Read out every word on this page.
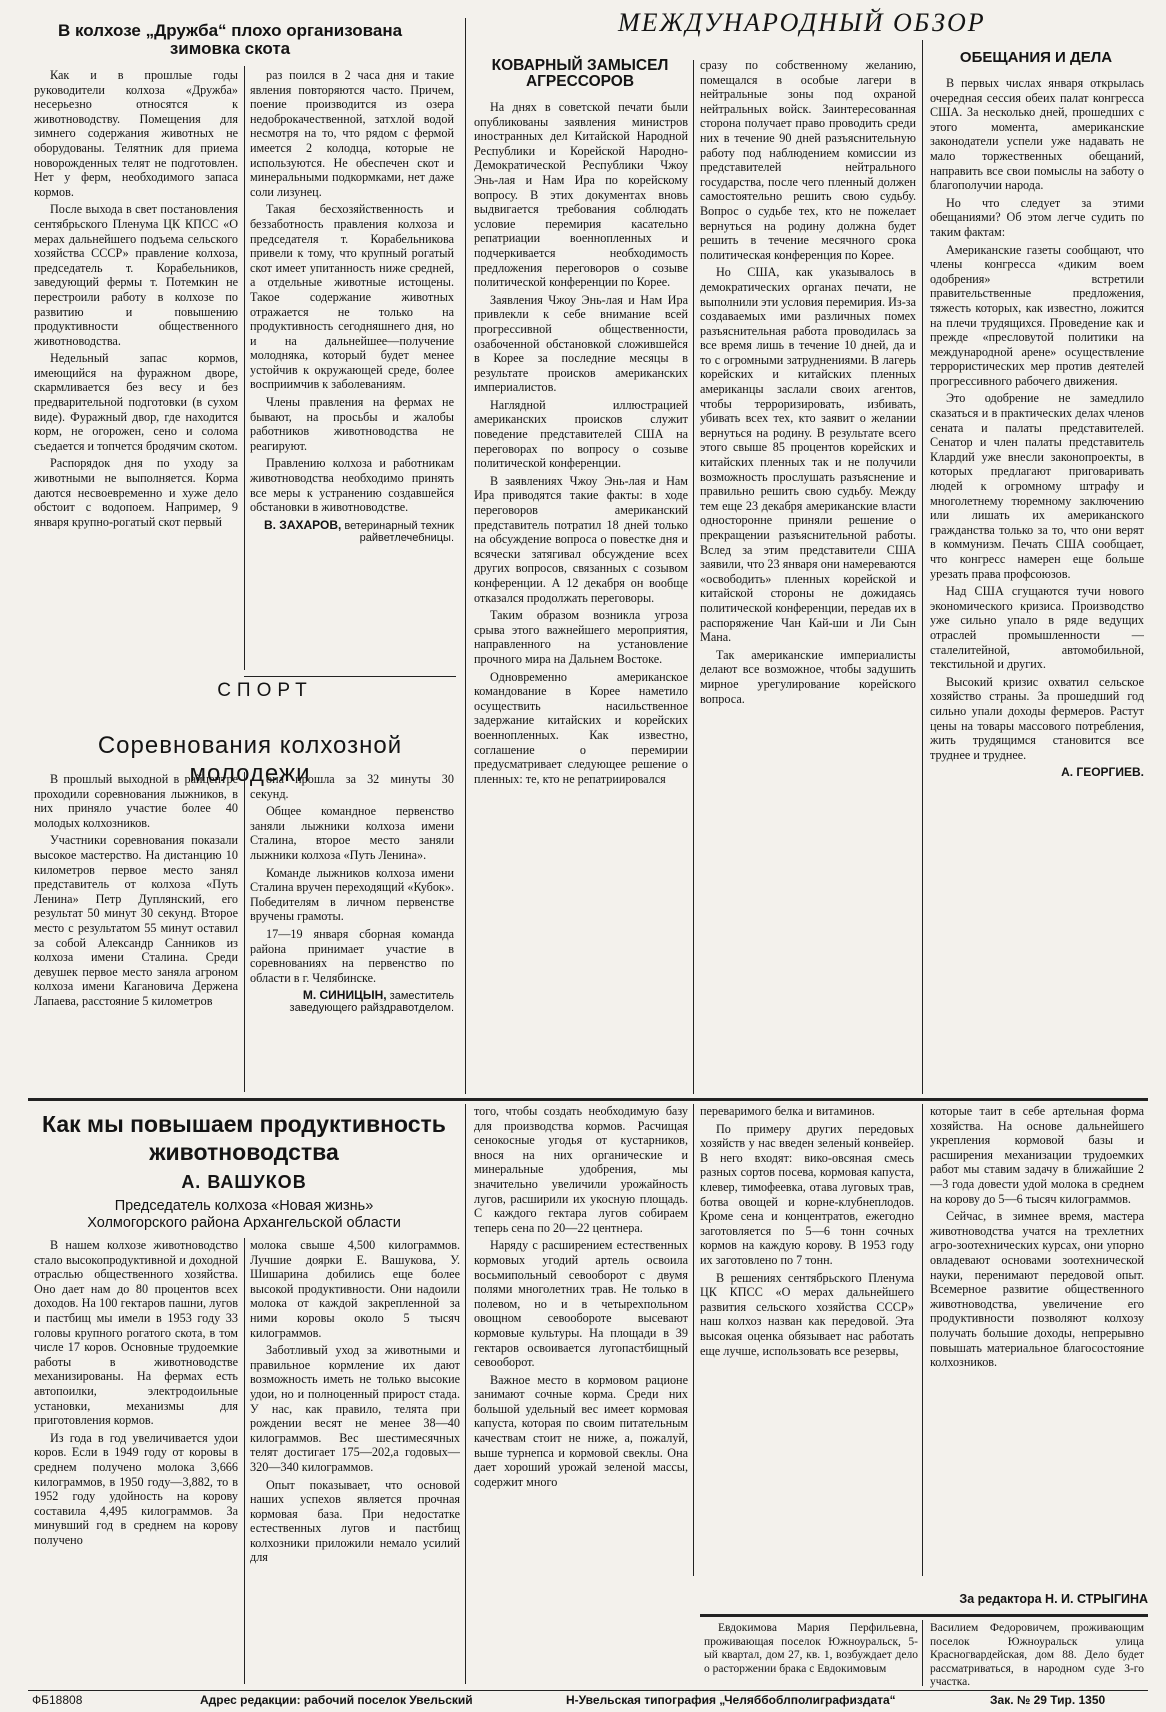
В колхозе „Дружба“ плохо организована зимовка скота

Как и в прошлые годы руководители колхоза «Дружба» несерьезно относятся к животноводству. Помещения для зимнего содержания животных не оборудованы. Телятник для приема новорожденных телят не подготовлен. Нет у ферм, необходимого запаса кормов.

После выхода в свет постановления сентябрьского Пленума ЦК КПСС «О мерах дальнейшего подъема сельского хозяйства СССР» правление колхоза, председатель т. Корабельников, заведующий фермы т. Потемкин не перестроили работу в колхозе по развитию и повышению продуктивности общественного животноводства.

Недельный запас кормов, имеющийся на фуражном дворе, скармливается без весу и без предварительной подготовки (в сухом виде). Фуражный двор, где находится корм, не огорожен, сено и солома съедается и топчется бродячим скотом.

Распорядок дня по уходу за животными не выполняется. Корма даются несвоевременно и хуже дело обстоит с водопоем. Например, 9 января крупно-рогатый скот первый

раз поился в 2 часа дня и такие явления повторяются часто. Причем, поение производится из озера недоброкачественной, затхлой водой несмотря на то, что рядом с фермой имеется 2 колодца, которые не используются. Не обеспечен скот и минеральными подкормками, нет даже соли лизунец.

Такая бесхозяйственность и беззаботность правления колхоза и председателя т. Корабельникова привели к тому, что крупный рогатый скот имеет упитанность ниже средней, а отдельные животные истощены. Такое содержание животных отражается не только на продуктивность сегодняшнего дня, но и на дальнейшее—получение молодняка, который будет менее устойчив к окружающей среде, более восприимчив к заболеваниям.

Члены правления на фермах не бывают, на просьбы и жалобы работников животноводства не реагируют.

Правлению колхоза и работникам животноводства необходимо принять все меры к устранению создавшейся обстановки в животноводстве.

В. ЗАХАРОВ, ветеринарный техник райветлечебницы.

СПОРТ
Соревнования колхозной молодежи

В прошлый выходной в райцентре проходили соревнования лыжников, в них приняло участие более 40 молодых колхозников.

Участники соревнования показали высокое мастерство. На дистанцию 10 километров первое место занял представитель от колхоза «Путь Ленина» Петр Дуплянский, его результат 50 минут 30 секунд. Второе место с результатом 55 минут оставил за собой Александр Санников из колхоза имени Сталина. Среди девушек первое место заняла агроном колхоза имени Кагановича Держена Лапаева, расстояние 5 километров

она прошла за 32 минуты 30 секунд.

Общее командное первенство заняли лыжники колхоза имени Сталина, второе место заняли лыжники колхоза «Путь Ленина».

Команде лыжников колхоза имени Сталина вручен переходящий «Кубок». Победителям в личном первенстве вручены грамоты.

17—19 января сборная команда района принимает участие в соревнованиях на первенство по области в г. Челябинске.

М. СИНИЦЫН, заместитель заведующего райздравотделом.

МЕЖДУНАРОДНЫЙ ОБЗОР
КОВАРНЫЙ ЗАМЫСЕЛ АГРЕССОРОВ

На днях в советской печати были опубликованы заявления министров иностранных дел Китайской Народной Республики и Корейской Народно-Демократической Республики Чжоу Энь-лая и Нам Ира по корейскому вопросу. В этих документах вновь выдвигается требования соблюдать условие перемирия касательно репатриации военнопленных и подчеркивается необходимость предложения переговоров о созыве политической конференции по Корее.

Заявления Чжоу Энь-лая и Нам Ира привлекли к себе внимание всей прогрессивной общественности, озабоченной обстановкой сложившейся в Корее за последние месяцы в результате происков американских империалистов.

Наглядной иллюстрацией американских происков служит поведение представителей США на переговорах по вопросу о созыве политической конференции.

В заявлениях Чжоу Энь-лая и Нам Ира приводятся такие факты: в ходе переговоров американский представитель потратил 18 дней только на обсуждение вопроса о повестке дня и всячески затягивал обсуждение всех других вопросов, связанных с созывом конференции. А 12 декабря он вообще отказался продолжать переговоры.

Таким образом возникла угроза срыва этого важнейшего мероприятия, направленного на установление прочного мира на Дальнем Востоке.

Одновременно американское командование в Корее наметило осуществить насильственное задержание китайских и корейских военнопленных. Как известно, соглашение о перемирии предусматривает следующее решение о пленных: те, кто не репатриировался

сразу по собственному желанию, помещался в особые лагери в нейтральные зоны под охраной нейтральных войск. Заинтересованная сторона получает право проводить среди них в течение 90 дней разъяснительную работу под наблюдением комиссии из представителей нейтрального государства, после чего пленный должен самостоятельно решить свою судьбу. Вопрос о судьбе тех, кто не пожелает вернуться на родину должна будет решить в течение месячного срока политическая конференция по Корее.

Но США, как указывалось в демократических органах печати, не выполнили эти условия перемирия. Из-за создаваемых ими различных помех разъяснительная работа проводилась за все время лишь в течение 10 дней, да и то с огромными затруднениями. В лагерь корейских и китайских пленных американцы заслали своих агентов, чтобы терроризировать, избивать, убивать всех тех, кто заявит о желании вернуться на родину. В результате всего этого свыше 85 процентов корейских и китайских пленных так и не получили возможность прослушать разъяснение и правильно решить свою судьбу. Между тем еще 23 декабря американские власти односторонне приняли решение о прекращении разъяснительной работы. Вслед за этим представители США заявили, что 23 января они намереваются «освободить» пленных корейской и китайской стороны не дожидаясь политической конференции, передав их в распоряжение Чан Кай-ши и Ли Сын Мана.

Так американские империалисты делают все возможное, чтобы задушить мирное урегулирование корейского вопроса.

ОБЕЩАНИЯ И ДЕЛА

В первых числах января открылась очередная сессия обеих палат конгресса США. За несколько дней, прошедших с этого момента, американские законодатели успели уже надавать не мало торжественных обещаний, направить все свои помыслы на заботу о благополучии народа.

Но что следует за этими обещаниями? Об этом легче судить по таким фактам:

Американские газеты сообщают, что члены конгресса «диким воем одобрения» встретили правительственные предложения, тяжесть которых, как известно, ложится на плечи трудящихся. Проведение как и прежде «пресловутой политики на международной арене» осуществление террористических мер против деятелей прогрессивного рабочего движения.

Это одобрение не замедлило сказаться и в практических делах членов сената и палаты представителей. Сенатор и член палаты представитель Клардий уже внесли законопроекты, в которых предлагают приговаривать людей к огромному штрафу и многолетнему тюремному заключению или лишать их американского гражданства только за то, что они верят в коммунизм. Печать США сообщает, что конгресс намерен еще больше урезать права профсоюзов.

Над США сгущаются тучи нового экономического кризиса. Производство уже сильно упало в ряде ведущих отраслей промышленности —сталелитейной, автомобильной, текстильной и других.

Высокий кризис охватил сельское хозяйство страны. За прошедший год сильно упали доходы фермеров. Растут цены на товары массового потребления, жить трудящимся становится все труднее и труднее.

А. ГЕОРГИЕВ.

Как мы повышаем продуктивность животноводства
А. ВАШУКОВ
Председатель колхоза «Новая жизнь»
Холмогорского района Архангельской области

В нашем колхозе животноводство стало высокопродуктивной и доходной отраслью общественного хозяйства. Оно дает нам до 80 процентов всех доходов. На 100 гектаров пашни, лугов и пастбищ мы имели в 1953 году 33 головы крупного рогатого скота, в том числе 17 коров. Основные трудоемкие работы в животноводстве механизированы. На фермах есть автопоилки, электродоильные установки, механизмы для приготовления кормов.

Из года в год увеличивается удои коров. Если в 1949 году от коровы в среднем получено молока 3,666 килограммов, в 1950 году—3,882, то в 1952 году удойность на корову составила 4,495 килограммов. За минувший год в среднем на корову получено

молока свыше 4,500 килограммов. Лучшие доярки Е. Вашукова, У. Шишарина добились еще более высокой продуктивности. Они надоили молока от каждой закрепленной за ними коровы около 5 тысяч килограммов.

Заботливый уход за животными и правильное кормление их дают возможность иметь не только высокие удои, но и полноценный прирост стада. У нас, как правило, телята при рождении весят не менее 38—40 килограммов. Вес шестимесячных телят достигает 175—202,а годовых—320—340 килограммов.

Опыт показывает, что основой наших успехов является прочная кормовая база. При недостатке естественных лугов и пастбищ колхозники приложили немало усилий для

того, чтобы создать необходимую базу для производства кормов. Расчищая сенокосные угодья от кустарников, внося на них органические и минеральные удобрения, мы значительно увеличили урожайность лугов, расширили их укосную площадь. С каждого гектара лугов собираем теперь сена по 20—22 центнера.

Наряду с расширением естественных кормовых угодий артель освоила восьмипольный севооборот с двумя полями многолетних трав. Не только в полевом, но и в четырехпольном овощном севообороте высевают кормовые культуры. На площади в 39 гектаров освоивается лугопастбищный севооборот.

Важное место в кормовом рационе занимают сочные корма. Среди них большой удельный вес имеет кормовая капуста, которая по своим питательным качествам стоит не ниже, а, пожалуй, выше турнепса и кормовой свеклы. Она дает хороший урожай зеленой массы, содержит много

переваримого белка и витаминов.

По примеру других передовых хозяйств у нас введен зеленый конвейер. В него входят: вико-овсяная смесь разных сортов посева, кормовая капуста, клевер, тимофеевка, отава луговых трав, ботва овощей и корне-клубнеплодов. Кроме сена и концентратов, ежегодно заготовляется по 5—6 тонн сочных кормов на каждую корову. В 1953 году их заготовлено по 7 тонн.

В решениях сентябрьского Пленума ЦК КПСС «О мерах дальнейшего развития сельского хозяйства СССР» наш колхоз назван как передовой. Эта высокая оценка обязывает нас работать еще лучше, использовать все резервы,

которые таит в себе артельная форма хозяйства. На основе дальнейшего укрепления кормовой базы и расширения механизации трудоемких работ мы ставим задачу в ближайшие 2—3 года довести удой молока в среднем на корову до 5—6 тысяч килограммов.

Сейчас, в зимнее время, мастера животноводства учатся на трехлетних агро-зоотехнических курсах, они упорно овладевают основами зоотехнической науки, перенимают передовой опыт. Всемерное развитие общественного животноводства, увеличение его продуктивности позволяют колхозу получать большие доходы, непрерывно повышать материальное благосостояние колхозников.

За редактора Н. И. СТРЫГИНА

Евдокимова Мария Перфильевна, проживающая поселок Южноуральск, 5-ый квартал, дом 27, кв. 1, возбуждает дело о расторжении брака с Евдокимовым

Василием Федоровичем, проживающим поселок Южноуральск улица Красногвардейская, дом 88. Дело будет рассматриваться, в народном суде 3-го участка.

ФБ18808	Адрес редакции: рабочий поселок Увельский	Н-Увельская типография „Челяббоблполиграфиздата“	Зак. № 29 Тир. 1350
